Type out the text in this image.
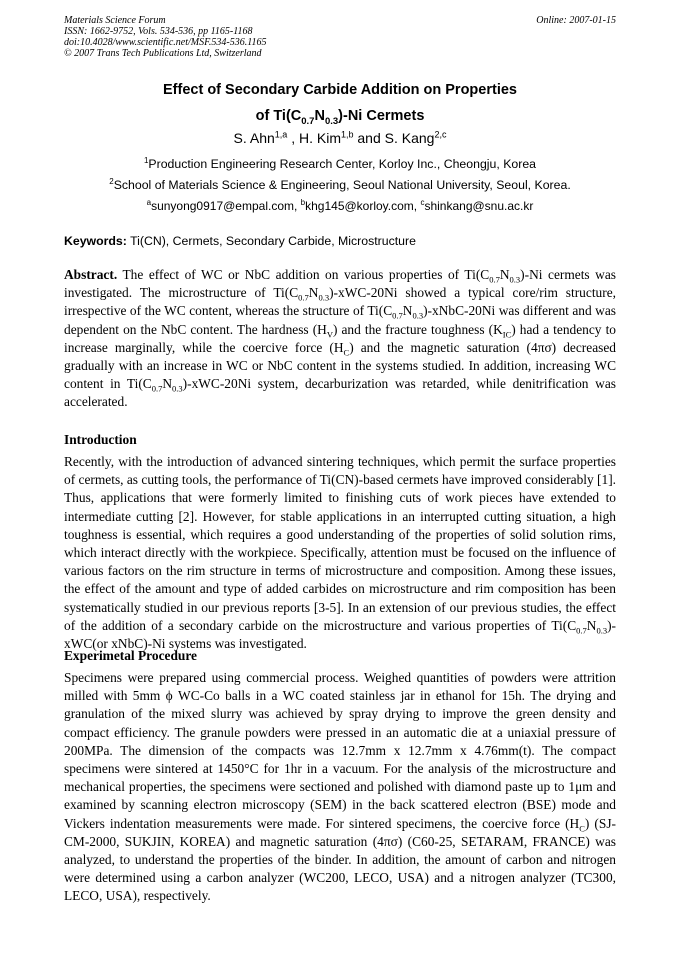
Materials Science Forum
ISSN: 1662-9752, Vols. 534-536, pp 1165-1168
doi:10.4028/www.scientific.net/MSF.534-536.1165
© 2007 Trans Tech Publications Ltd, Switzerland
Online: 2007-01-15
Effect of Secondary Carbide Addition on Properties
of $Ti(C_{0.7}N_{0.3})-Ni$ Cermets
S. Ahn$^{1,a}$ , H. Kim$^{1,b}$ and S. Kang$^{2,c}$
$^1$Production Engineering Research Center, Korloy Inc., Cheongju, Korea
$^2$School of Materials Science & Engineering, Seoul National University, Seoul, Korea.
$^a$sunyong0917@empal.com, $^b$khg145@korloy.com, $^c$shinkang@snu.ac.kr
Keywords: Ti(CN), Cermets, Secondary Carbide, Microstructure
Abstract. The effect of WC or NbC addition on various properties of $Ti(C_{0.7}N_{0.3})-Ni$ cermets was investigated. The microstructure of $Ti(C_{0.7}N_{0.3})-xWC-20Ni$ showed a typical core/rim structure, irrespective of the WC content, whereas the structure of $Ti(C_{0.7}N_{0.3})-xNbC-20Ni$ was different and was dependent on the NbC content. The hardness $(H_V)$ and the fracture toughness $(K_{IC})$ had a tendency to increase marginally, while the coercive force $(H_C)$ and the magnetic saturation (4πσ) decreased gradually with an increase in WC or NbC content in the systems studied. In addition, increasing WC content in $Ti(C_{0.7}N_{0.3})-xWC-20Ni$ system, decarburization was retarded, while denitrification was accelerated.
Introduction
Recently, with the introduction of advanced sintering techniques, which permit the surface properties of cermets, as cutting tools, the performance of Ti(CN)-based cermets have improved considerably [1]. Thus, applications that were formerly limited to finishing cuts of work pieces have extended to intermediate cutting [2]. However, for stable applications in an interrupted cutting situation, a high toughness is essential, which requires a good understanding of the properties of solid solution rims, which interact directly with the workpiece. Specifically, attention must be focused on the influence of various factors on the rim structure in terms of microstructure and composition. Among these issues, the effect of the amount and type of added carbides on microstructure and rim composition has been systematically studied in our previous reports [3-5]. In an extension of our previous studies, the effect of the addition of a secondary carbide on the microstructure and various properties of $Ti(C_{0.7}N_{0.3})-xWC(or$ xNbC)-Ni systems was investigated.
Experimetal Procedure
Specimens were prepared using commercial process. Weighed quantities of powders were attrition milled with 5mm ϕ WC-Co balls in a WC coated stainless jar in ethanol for 15h. The drying and granulation of the mixed slurry was achieved by spray drying to improve the green density and compact efficiency. The granule powders were pressed in an automatic die at a uniaxial pressure of 200MPa. The dimension of the compacts was 12.7mm x 12.7mm x 4.76mm(t). The compact specimens were sintered at 1450°C for 1hr in a vacuum. For the analysis of the microstructure and mechanical properties, the specimens were sectioned and polished with diamond paste up to 1μm and examined by scanning electron microscopy (SEM) in the back scattered electron (BSE) mode and Vickers indentation measurements were made. For sintered specimens, the coercive force $(H_C)$ (SJ-CM-2000, SUKJIN, KOREA) and magnetic saturation (4πσ) (C60-25, SETARAM, FRANCE) was analyzed, to understand the properties of the binder. In addition, the amount of carbon and nitrogen were determined using a carbon analyzer (WC200, LECO, USA) and a nitrogen analyzer (TC300, LECO, USA), respectively.
